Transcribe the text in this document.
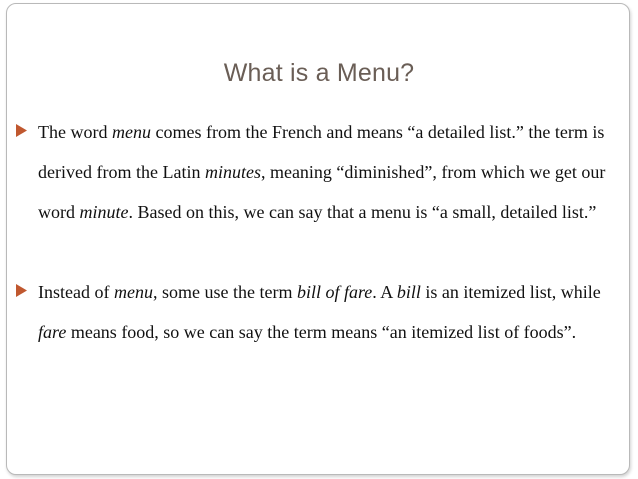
What is a Menu?
The word menu comes from the French and means “a detailed list.” the term is derived from the Latin minutes, meaning “diminished”, from which we get our word minute. Based on this, we can say that a menu is “a small, detailed list.”
Instead of menu, some use the term bill of fare. A bill is an itemized list, while fare means food, so we can say the term means “an itemized list of foods”.
